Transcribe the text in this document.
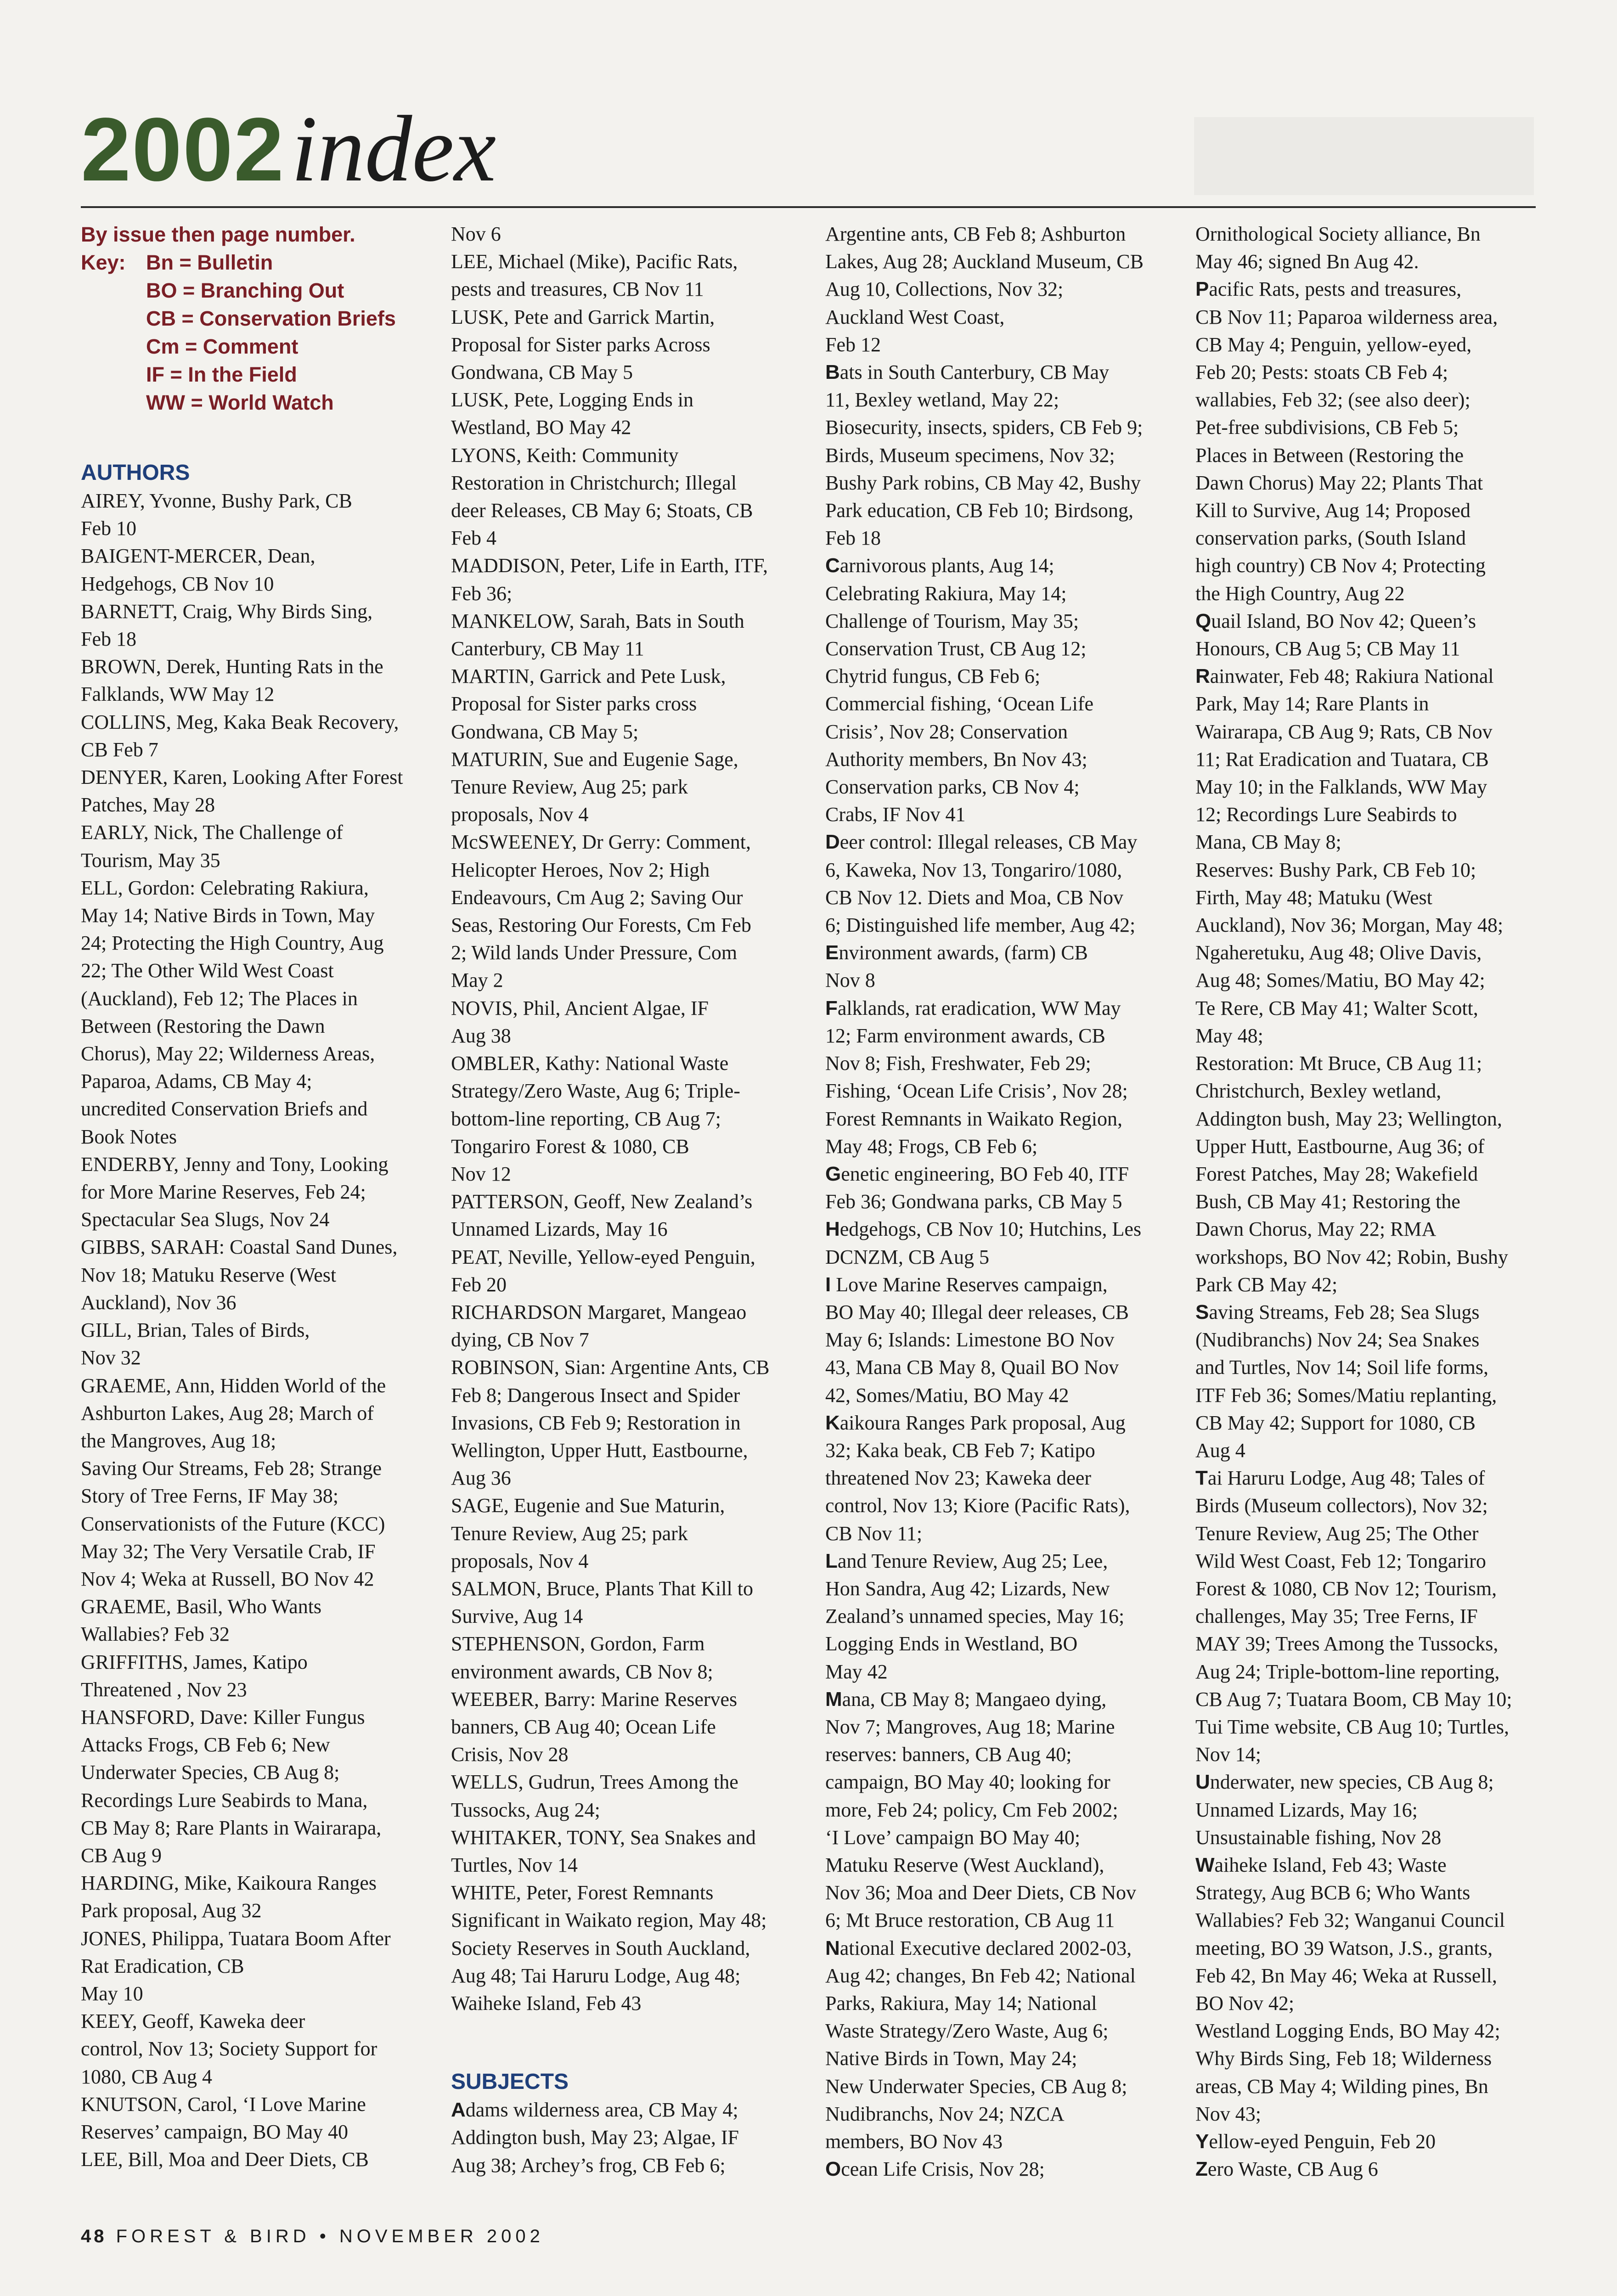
2002 index
By issue then page number.
Key: Bn = Bulletin
BO = Branching Out
CB = Conservation Briefs
Cm = Comment
IF = In the Field
WW = World Watch
AUTHORS
AIREY, Yvonne, Bushy Park, CB
Feb 10
BAIGENT-MERCER, Dean,
Hedgehogs, CB Nov 10
BARNETT, Craig, Why Birds Sing,
Feb 18
BROWN, Derek, Hunting Rats in the
Falklands, WW May 12
COLLINS, Meg, Kaka Beak Recovery,
CB Feb 7
DENYER, Karen, Looking After Forest
Patches, May 28
EARLY, Nick, The Challenge of
Tourism, May 35
ELL, Gordon: Celebrating Rakiura,
May 14; Native Birds in Town, May
24; Protecting the High Country, Aug
22; The Other Wild West Coast
(Auckland), Feb 12; The Places in
Between (Restoring the Dawn
Chorus), May 22; Wilderness Areas,
Paparoa, Adams, CB May 4;
uncredited Conservation Briefs and
Book Notes
ENDERBY, Jenny and Tony, Looking
for More Marine Reserves, Feb 24;
Spectacular Sea Slugs, Nov 24
GIBBS, SARAH: Coastal Sand Dunes,
Nov 18; Matuku Reserve (West
Auckland), Nov 36
GILL, Brian, Tales of Birds,
Nov 32
GRAEME, Ann, Hidden World of the
Ashburton Lakes, Aug 28; March of
the Mangroves, Aug 18;
Saving Our Streams, Feb 28; Strange
Story of Tree Ferns, IF May 38;
Conservationists of the Future (KCC)
May 32; The Very Versatile Crab, IF
Nov 4; Weka at Russell, BO Nov 42
GRAEME, Basil, Who Wants
Wallabies? Feb 32
GRIFFITHS, James, Katipo
Threatened , Nov 23
HANSFORD, Dave: Killer Fungus
Attacks Frogs, CB Feb 6; New
Underwater Species, CB Aug 8;
Recordings Lure Seabirds to Mana,
CB May 8; Rare Plants in Wairarapa,
CB Aug 9
HARDING, Mike, Kaikoura Ranges
Park proposal, Aug 32
JONES, Philippa, Tuatara Boom After
Rat Eradication, CB
May 10
KEEY, Geoff, Kaweka deer
control, Nov 13; Society Support for
1080, CB Aug 4
KNUTSON, Carol, ‘I Love Marine
Reserves’ campaign, BO May 40
LEE, Bill, Moa and Deer Diets, CB
Nov 6
LEE, Michael (Mike), Pacific Rats,
pests and treasures, CB Nov 11
LUSK, Pete and Garrick Martin,
Proposal for Sister parks Across
Gondwana, CB May 5
LUSK, Pete, Logging Ends in
Westland, BO May 42
LYONS, Keith: Community
Restoration in Christchurch; Illegal
deer Releases, CB May 6; Stoats, CB
Feb 4
MADDISON, Peter, Life in Earth, ITF,
Feb 36;
MANKELOW, Sarah, Bats in South
Canterbury, CB May 11
MARTIN, Garrick and Pete Lusk,
Proposal for Sister parks cross
Gondwana, CB May 5;
MATURIN, Sue and Eugenie Sage,
Tenure Review, Aug 25; park
proposals, Nov 4
McSWEENEY, Dr Gerry: Comment,
Helicopter Heroes, Nov 2; High
Endeavours, Cm Aug 2; Saving Our
Seas, Restoring Our Forests, Cm Feb
2; Wild lands Under Pressure, Com
May 2
NOVIS, Phil, Ancient Algae, IF
Aug 38
OMBLER, Kathy: National Waste
Strategy/Zero Waste, Aug 6; Triple-
bottom-line reporting, CB Aug 7;
Tongariro Forest & 1080, CB
Nov 12
PATTERSON, Geoff, New Zealand’s
Unnamed Lizards, May 16
PEAT, Neville, Yellow-eyed Penguin,
Feb 20
RICHARDSON Margaret, Mangeao
dying, CB Nov 7
ROBINSON, Sian: Argentine Ants, CB
Feb 8; Dangerous Insect and Spider
Invasions, CB Feb 9; Restoration in
Wellington, Upper Hutt, Eastbourne,
Aug 36
SAGE, Eugenie and Sue Maturin,
Tenure Review, Aug 25; park
proposals, Nov 4
SALMON, Bruce, Plants That Kill to
Survive, Aug 14
STEPHENSON, Gordon, Farm
environment awards, CB Nov 8;
WEEBER, Barry: Marine Reserves
banners, CB Aug 40; Ocean Life
Crisis, Nov 28
WELLS, Gudrun, Trees Among the
Tussocks, Aug 24;
WHITAKER, TONY, Sea Snakes and
Turtles, Nov 14
WHITE, Peter, Forest Remnants
Significant in Waikato region, May 48;
Society Reserves in South Auckland,
Aug 48; Tai Haruru Lodge, Aug 48;
Waiheke Island, Feb 43
SUBJECTS
Adams wilderness area, CB May 4;
Addington bush, May 23; Algae, IF
Aug 38; Archey’s frog, CB Feb 6;
Argentine ants, CB Feb 8; Ashburton
Lakes, Aug 28; Auckland Museum, CB
Aug 10, Collections, Nov 32;
Auckland West Coast,
Feb 12
Bats in South Canterbury, CB May
11, Bexley wetland, May 22;
Biosecurity, insects, spiders, CB Feb 9;
Birds, Museum specimens, Nov 32;
Bushy Park robins, CB May 42, Bushy
Park education, CB Feb 10; Birdsong,
Feb 18
Carnivorous plants, Aug 14;
Celebrating Rakiura, May 14;
Challenge of Tourism, May 35;
Conservation Trust, CB Aug 12;
Chytrid fungus, CB Feb 6;
Commercial fishing, ‘Ocean Life
Crisis’, Nov 28; Conservation
Authority members, Bn Nov 43;
Conservation parks, CB Nov 4;
Crabs, IF Nov 41
Deer control: Illegal releases, CB May
6, Kaweka, Nov 13, Tongariro/1080,
CB Nov 12. Diets and Moa, CB Nov
6; Distinguished life member, Aug 42;
Environment awards, (farm) CB
Nov 8
Falklands, rat eradication, WW May
12; Farm environment awards, CB
Nov 8; Fish, Freshwater, Feb 29;
Fishing, ‘Ocean Life Crisis’, Nov 28;
Forest Remnants in Waikato Region,
May 48; Frogs, CB Feb 6;
Genetic engineering, BO Feb 40, ITF
Feb 36; Gondwana parks, CB May 5
Hedgehogs, CB Nov 10; Hutchins, Les
DCNZM, CB Aug 5
I Love Marine Reserves campaign,
BO May 40; Illegal deer releases, CB
May 6; Islands: Limestone BO Nov
43, Mana CB May 8, Quail BO Nov
42, Somes/Matiu, BO May 42
Kaikoura Ranges Park proposal, Aug
32; Kaka beak, CB Feb 7; Katipo
threatened Nov 23; Kaweka deer
control, Nov 13; Kiore (Pacific Rats),
CB Nov 11;
Land Tenure Review, Aug 25; Lee,
Hon Sandra, Aug 42; Lizards, New
Zealand’s unnamed species, May 16;
Logging Ends in Westland, BO
May 42
Mana, CB May 8; Mangaeo dying,
Nov 7; Mangroves, Aug 18; Marine
reserves: banners, CB Aug 40;
campaign, BO May 40; looking for
more, Feb 24; policy, Cm Feb 2002;
‘I Love’ campaign BO May 40;
Matuku Reserve (West Auckland),
Nov 36; Moa and Deer Diets, CB Nov
6; Mt Bruce restoration, CB Aug 11
National Executive declared 2002-03,
Aug 42; changes, Bn Feb 42; National
Parks, Rakiura, May 14; National
Waste Strategy/Zero Waste, Aug 6;
Native Birds in Town, May 24;
New Underwater Species, CB Aug 8;
Nudibranchs, Nov 24; NZCA
members, BO Nov 43
Ocean Life Crisis, Nov 28;
Ornithological Society alliance, Bn
May 46; signed Bn Aug 42.
Pacific Rats, pests and treasures,
CB Nov 11; Paparoa wilderness area,
CB May 4; Penguin, yellow-eyed,
Feb 20; Pests: stoats CB Feb 4;
wallabies, Feb 32; (see also deer);
Pet-free subdivisions, CB Feb 5;
Places in Between (Restoring the
Dawn Chorus) May 22; Plants That
Kill to Survive, Aug 14; Proposed
conservation parks, (South Island
high country) CB Nov 4; Protecting
the High Country, Aug 22
Quail Island, BO Nov 42; Queen’s
Honours, CB Aug 5; CB May 11
Rainwater, Feb 48; Rakiura National
Park, May 14; Rare Plants in
Wairarapa, CB Aug 9; Rats, CB Nov
11; Rat Eradication and Tuatara, CB
May 10; in the Falklands, WW May
12; Recordings Lure Seabirds to
Mana, CB May 8;
Reserves: Bushy Park, CB Feb 10;
Firth, May 48; Matuku (West
Auckland), Nov 36; Morgan, May 48;
Ngaheretuku, Aug 48; Olive Davis,
Aug 48; Somes/Matiu, BO May 42;
Te Rere, CB May 41; Walter Scott,
May 48;
Restoration: Mt Bruce, CB Aug 11;
Christchurch, Bexley wetland,
Addington bush, May 23; Wellington,
Upper Hutt, Eastbourne, Aug 36; of
Forest Patches, May 28; Wakefield
Bush, CB May 41; Restoring the
Dawn Chorus, May 22; RMA
workshops, BO Nov 42; Robin, Bushy
Park CB May 42;
Saving Streams, Feb 28; Sea Slugs
(Nudibranchs) Nov 24; Sea Snakes
and Turtles, Nov 14; Soil life forms,
ITF Feb 36; Somes/Matiu replanting,
CB May 42; Support for 1080, CB
Aug 4
Tai Haruru Lodge, Aug 48; Tales of
Birds (Museum collectors), Nov 32;
Tenure Review, Aug 25; The Other
Wild West Coast, Feb 12; Tongariro
Forest & 1080, CB Nov 12; Tourism,
challenges, May 35; Tree Ferns, IF
MAY 39; Trees Among the Tussocks,
Aug 24; Triple-bottom-line reporting,
CB Aug 7; Tuatara Boom, CB May 10;
Tui Time website, CB Aug 10; Turtles,
Nov 14;
Underwater, new species, CB Aug 8;
Unnamed Lizards, May 16;
Unsustainable fishing, Nov 28
Waiheke Island, Feb 43; Waste
Strategy, Aug BCB 6; Who Wants
Wallabies? Feb 32; Wanganui Council
meeting, BO 39 Watson, J.S., grants,
Feb 42, Bn May 46; Weka at Russell,
BO Nov 42;
Westland Logging Ends, BO May 42;
Why Birds Sing, Feb 18; Wilderness
areas, CB May 4; Wilding pines, Bn
Nov 43;
Yellow-eyed Penguin, Feb 20
Zero Waste, CB Aug 6
48 FOREST & BIRD • NOVEMBER 2002
